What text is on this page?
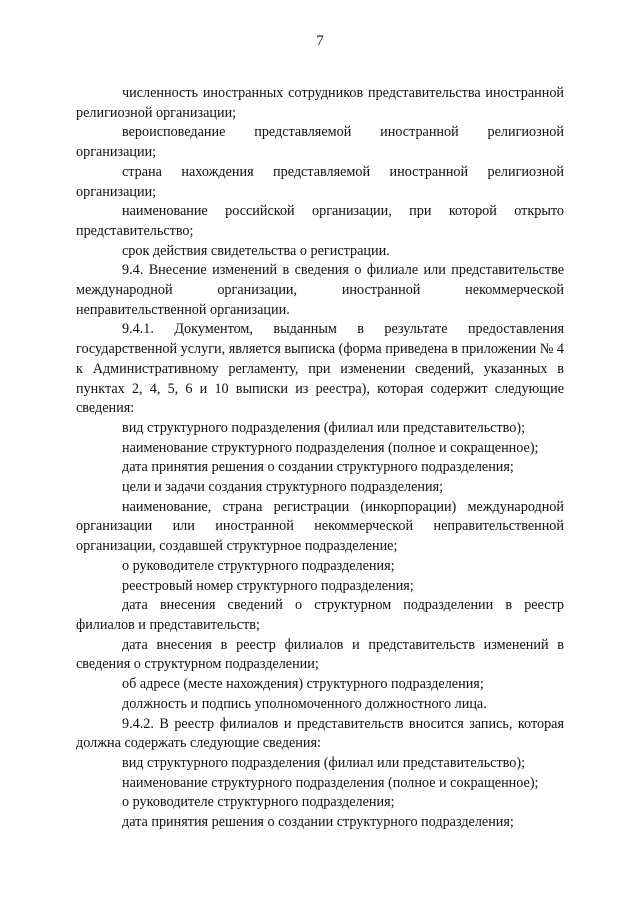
7

численность иностранных сотрудников представительства иностранной религиозной организации;

вероисповедание представляемой иностранной религиозной организации;

страна нахождения представляемой иностранной религиозной организации;

наименование российской организации, при которой открыто представительство;

срок действия свидетельства о регистрации.

9.4. Внесение изменений в сведения о филиале или представительстве международной организации, иностранной некоммерческой неправительственной организации.

9.4.1. Документом, выданным в результате предоставления государственной услуги, является выписка (форма приведена в приложении № 4 к Административному регламенту, при изменении сведений, указанных в пунктах 2, 4, 5, 6 и 10 выписки из реестра), которая содержит следующие сведения:

вид структурного подразделения (филиал или представительство);

наименование структурного подразделения (полное и сокращенное);

дата принятия решения о создании структурного подразделения;

цели и задачи создания структурного подразделения;

наименование, страна регистрации (инкорпорации) международной организации или иностранной некоммерческой неправительственной организации, создавшей структурное подразделение;

о руководителе структурного подразделения;

реестровый номер структурного подразделения;

дата внесения сведений о структурном подразделении в реестр филиалов и представительств;

дата внесения в реестр филиалов и представительств изменений в сведения о структурном подразделении;

об адресе (месте нахождения) структурного подразделения;

должность и подпись уполномоченного должностного лица.

9.4.2. В реестр филиалов и представительств вносится запись, которая должна содержать следующие сведения:

вид структурного подразделения (филиал или представительство);

наименование структурного подразделения (полное и сокращенное);

о руководителе структурного подразделения;

дата принятия решения о создании структурного подразделения;
